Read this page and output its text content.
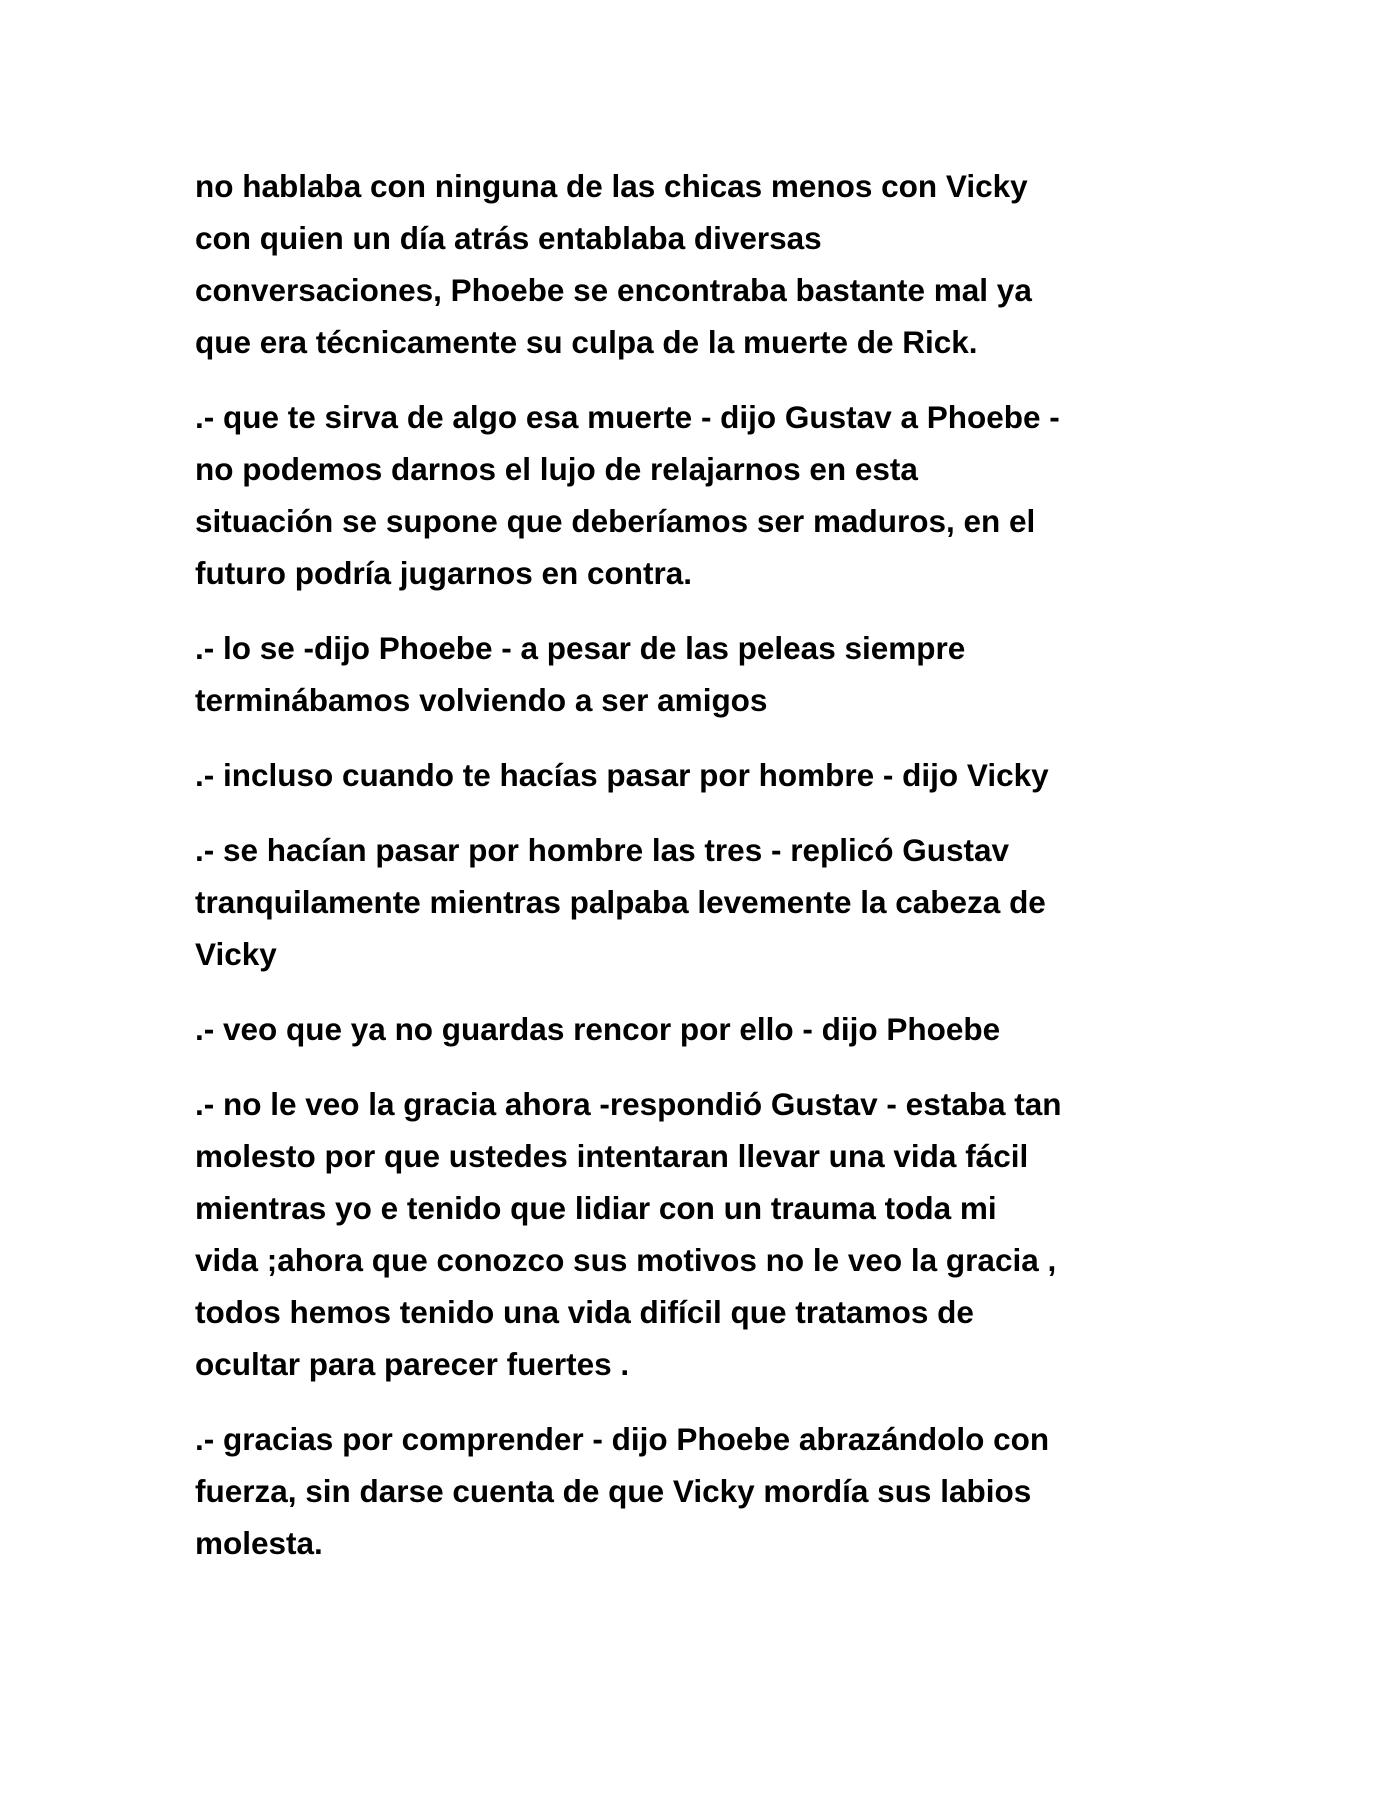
no hablaba con ninguna de las chicas menos con Vicky
con quien un día atrás entablaba diversas
conversaciones, Phoebe se encontraba bastante mal ya
que era técnicamente su culpa de la muerte de Rick.

.- que te sirva de algo esa muerte - dijo Gustav a Phoebe -
no podemos darnos el lujo de relajarnos en esta
situación se supone que deberíamos ser maduros, en el
futuro podría jugarnos en contra.

.- lo se -dijo Phoebe - a pesar de las peleas siempre
terminábamos volviendo a ser amigos

.- incluso cuando te hacías pasar por hombre - dijo Vicky

.- se hacían pasar por hombre las tres - replicó Gustav
tranquilamente mientras palpaba levemente la cabeza de
Vicky

.- veo que ya no guardas rencor por ello - dijo Phoebe

.- no le veo la gracia ahora -respondió Gustav - estaba tan
molesto por que ustedes intentaran llevar una vida fácil
mientras yo e tenido que lidiar con un trauma toda mi
vida ;ahora que conozco sus motivos no le veo la gracia ,
todos hemos tenido una vida difícil que tratamos de
ocultar para parecer fuertes .

.- gracias por comprender - dijo Phoebe abrazándolo con
fuerza, sin darse cuenta de que Vicky mordía sus labios
molesta.
